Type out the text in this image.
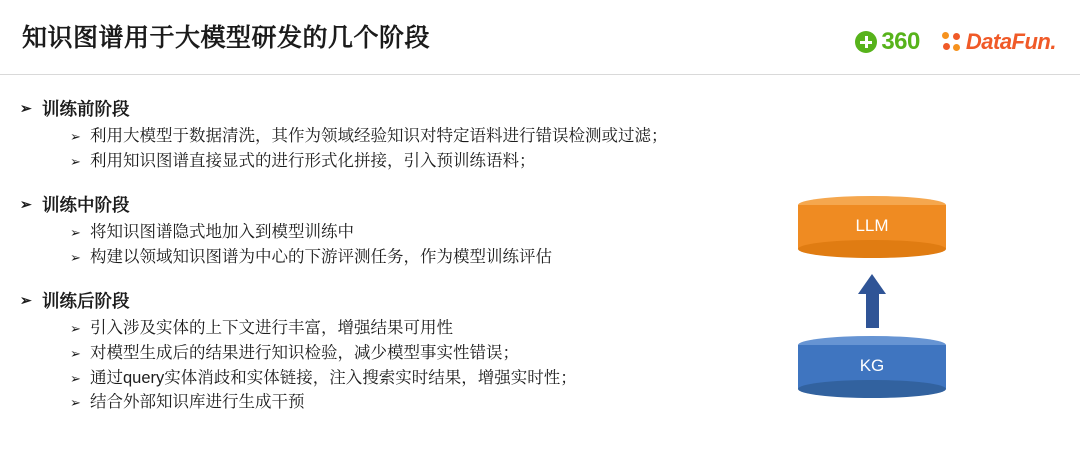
知识图谱用于大模型研发的几个阶段	360 DataFun.
➢ 训练前阶段
➢ 利用大模型于数据清洗，其作为领域经验知识对特定语料进行错误检测或过滤；
➢ 利用知识图谱直接显式的进行形式化拼接，引入预训练语料；
➢ 训练中阶段
➢ 将知识图谱隐式地加入到模型训练中
➢ 构建以领域知识图谱为中心的下游评测任务，作为模型训练评估
➢ 训练后阶段
➢ 引入涉及实体的上下文进行丰富，增强结果可用性
➢ 对模型生成后的结果进行知识检验，减少模型事实性错误；
➢ 通过query实体消歧和实体链接，注入搜索实时结果，增强实时性；
➢ 结合外部知识库进行生成干预
LLM
KG
